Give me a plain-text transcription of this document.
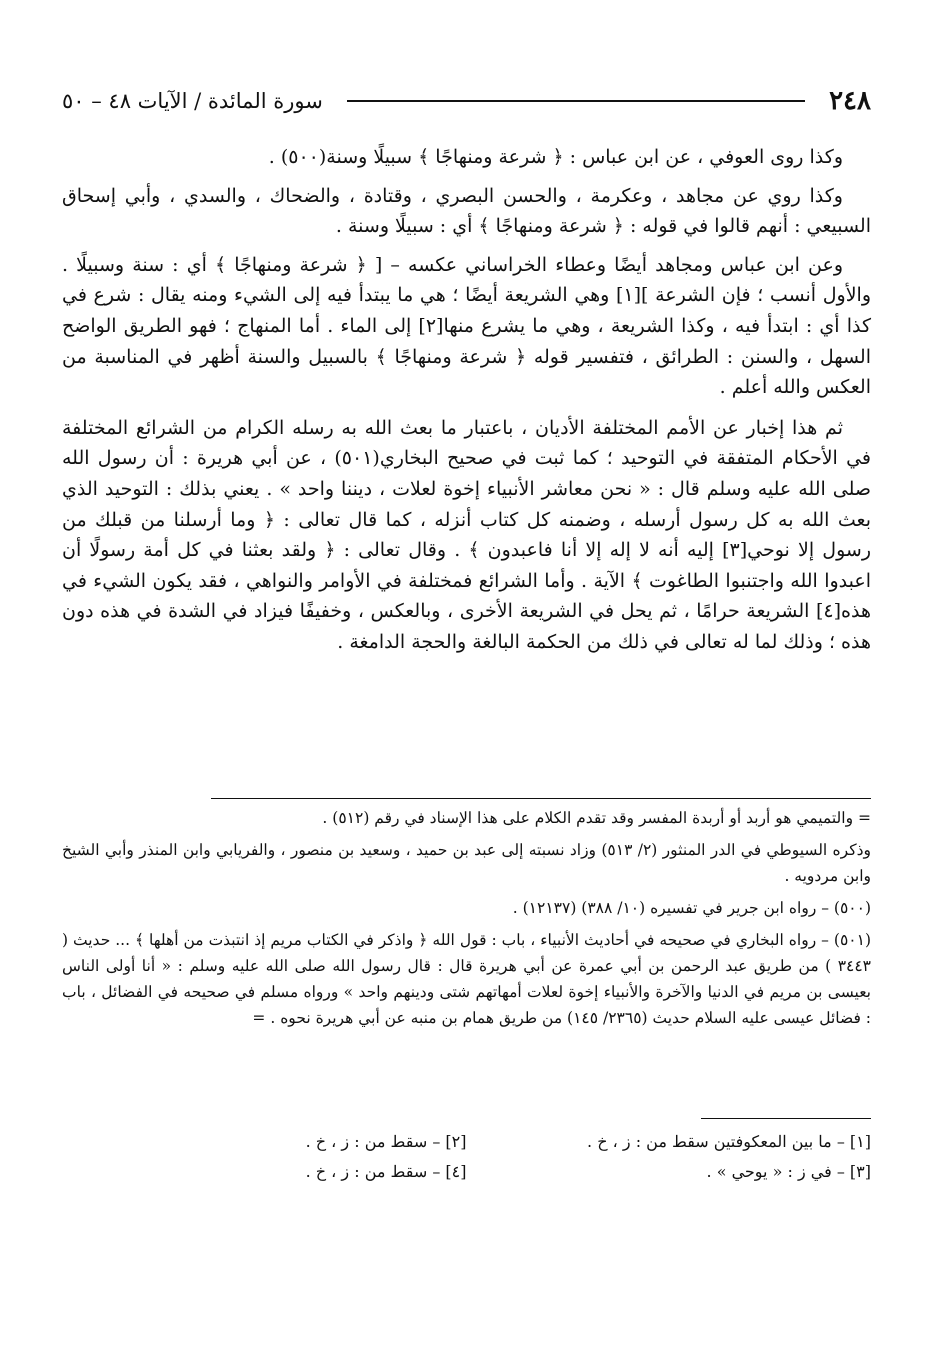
٢٤٨
سورة المائدة / الآيات ٤٨ – ٥٠

وكذا روى العوفي ، عن ابن عباس : ﴿ شرعة ومنهاجًا ﴾ سبيلًا وسنة(٥٠٠) .

وكذا روي عن مجاهد ، وعكرمة ، والحسن البصري ، وقتادة ، والضحاك ، والسدي ، وأبي إسحاق السبيعي : أنهم قالوا في قوله : ﴿ شرعة ومنهاجًا ﴾ أي : سبيلًا وسنة .

وعن ابن عباس ومجاهد أيضًا وعطاء الخراساني عكسه – [ ﴿ شرعة ومنهاجًا ﴾ أي : سنة وسبيلًا . والأول أنسب ؛ فإن الشرعة ][١] وهي الشريعة أيضًا ؛ هي ما يبتدأ فيه إلى الشيء ومنه يقال : شرع في كذا أي : ابتدأ فيه ، وكذا الشريعة ، وهي ما يشرع منها[٢] إلى الماء . أما المنهاج ؛ فهو الطريق الواضح السهل ، والسنن : الطرائق ، فتفسير قوله ﴿ شرعة ومنهاجًا ﴾ بالسبيل والسنة أظهر في المناسبة من العكس والله أعلم .

ثم هذا إخبار عن الأمم المختلفة الأديان ، باعتبار ما بعث الله به رسله الكرام من الشرائع المختلفة في الأحكام المتفقة في التوحيد ؛ كما ثبت في صحيح البخاري(٥٠١) ، عن أبي هريرة : أن رسول الله صلى الله عليه وسلم قال : « نحن معاشر الأنبياء إخوة لعلات ، ديننا واحد » . يعني بذلك : التوحيد الذي بعث الله به كل رسول أرسله ، وضمنه كل كتاب أنزله ، كما قال تعالى : ﴿ وما أرسلنا من قبلك من رسول إلا نوحي[٣] إليه أنه لا إله إلا أنا فاعبدون ﴾ . وقال تعالى : ﴿ ولقد بعثنا في كل أمة رسولًا أن اعبدوا الله واجتنبوا الطاغوت ﴾ الآية . وأما الشرائع فمختلفة في الأوامر والنواهي ، فقد يكون الشيء في هذه[٤] الشريعة حرامًا ، ثم يحل في الشريعة الأخرى ، وبالعكس ، وخفيفًا فيزاد في الشدة في هذه دون هذه ؛ وذلك لما له تعالى في ذلك من الحكمة البالغة والحجة الدامغة .

= والتميمي هو أربد أو أربدة المفسر وقد تقدم الكلام على هذا الإسناد في رقم (٥١٢) .

وذكره السيوطي في الدر المنثور (٢/ ٥١٣) وزاد نسبته إلى عبد بن حميد ، وسعيد بن منصور ، والفريابي وابن المنذر وأبي الشيخ وابن مردويه .

(٥٠٠) – رواه ابن جرير في تفسيره (١٠/ ٣٨٨) (١٢١٣٧) .

(٥٠١) – رواه البخاري في صحيحه في أحاديث الأنبياء ، باب : قول الله ﴿ واذكر في الكتاب مريم إذ انتبذت من أهلها ﴾ ... حديث ( ٣٤٤٣ ) من طريق عبد الرحمن بن أبي عمرة عن أبي هريرة قال : قال رسول الله صلى الله عليه وسلم : « أنا أولى الناس بعيسى بن مريم في الدنيا والآخرة والأنبياء إخوة لعلات أمهاتهم شتى ودينهم واحد » ورواه مسلم في صحيحه في الفضائل ، باب : فضائل عيسى عليه السلام حديث (٢٣٦٥/ ١٤٥) من طريق همام بن منبه عن أبي هريرة نحوه . =

[١] – ما بين المعكوفتين سقط من : ز ، خ .
[٢] – سقط من : ز ، خ .
[٣] – في ز : « يوحي » .
[٤] – سقط من : ز ، خ .
